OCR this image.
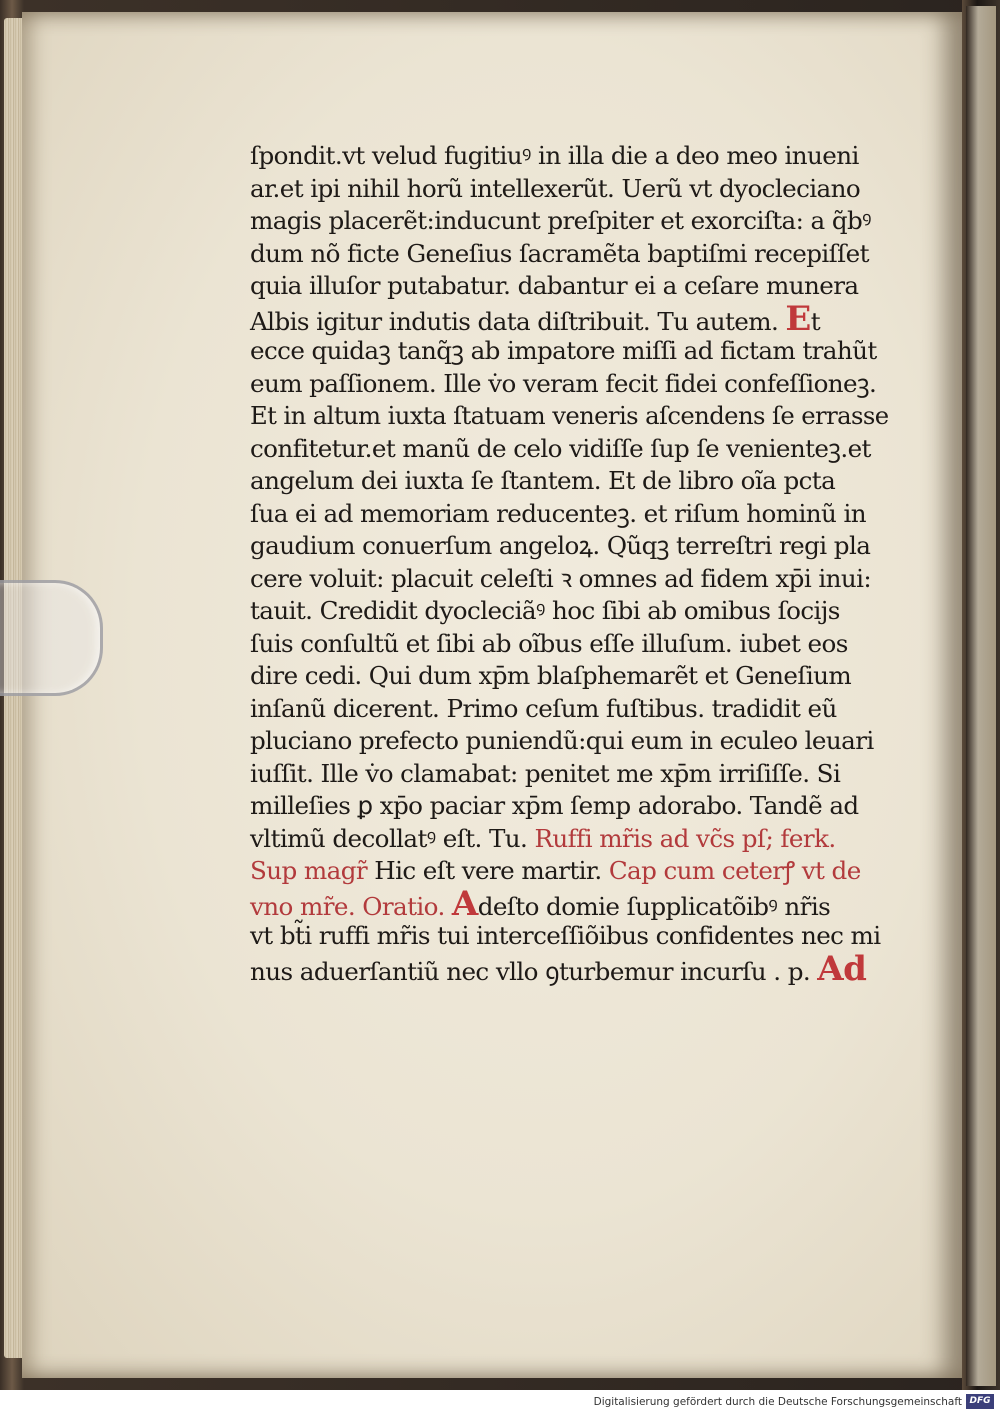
ſpondit.vt velud fugitiuꝰ in illa die a deo meo inueni
ar.et ipi nihil horũ intellexerũt. Uerũ vt dyocleciano
magis placerẽt:inducunt preſpiter et exorciſta: a q̃bꝰ
dum nõ ficte Geneſius ſacramẽta baptiſmi recepiſſet
quia illuſor putabatur. dabantur ei a ceſare munera
Albis igitur indutis data diſtribuit. Tu autem. Et
ecce quidaꝫ tanq̃ꝫ ab impatore miſſi ad fictam trahũt
eum paſſionem. Ille v̇o veram fecit fidei confeſſioneꝫ.
Et in altum iuxta ſtatuam veneris aſcendens ſe errasse
confitetur.et manũ de celo vidiſſe ſup ſe venienteꝫ.et
angelum dei iuxta ſe ſtantem. Et de libro oĩa pcta
ſua ei ad memoriam reducenteꝫ. et riſum hominũ in
gaudium conuerſum angeloꝝ. Qũqꝫ terreſtri regi pla
cere voluit: placuit celeſti ꝛ omnes ad fidem xp̄i inui:
tauit. Credidit dyocleciãꝰ hoc ſibi ab omibus ſocijs
ſuis conſultũ et ſibi ab oĩbus eſſe illuſum. iubet eos
dire cedi. Qui dum xp̄m blaſphemarẽt et Geneſium
inſanũ dicerent. Primo ceſum fuſtibus. tradidit eũ
pluciano prefecto puniendũ:qui eum in eculeo leuari
iuſſit. Ille v̇o clamabat: penitet me xp̄m irriſiſſe. Si
milleſies ꝑ xp̄o paciar xp̄m ſemp adorabo. Tandẽ ad
vltimũ decollatꝰ eſt. Tu. Ruffi mr̃is ad vc̃s pſ; ferk.
Sup magr̃ Hic eſt vere martir. Cap cum ceterꝭ vt de
vno mr̃e. Oratio. Adeſto domie ſupplicatõibꝰ nr̃is
vt bt̃i ruffi mr̃is tui interceſſiõibus confidentes nec mi
nus aduerſantiũ nec vllo ꝯturbemur incurſu . p. Ad
Digitalisierung gefördert durch die Deutsche Forschungsgemeinschaft DFG
